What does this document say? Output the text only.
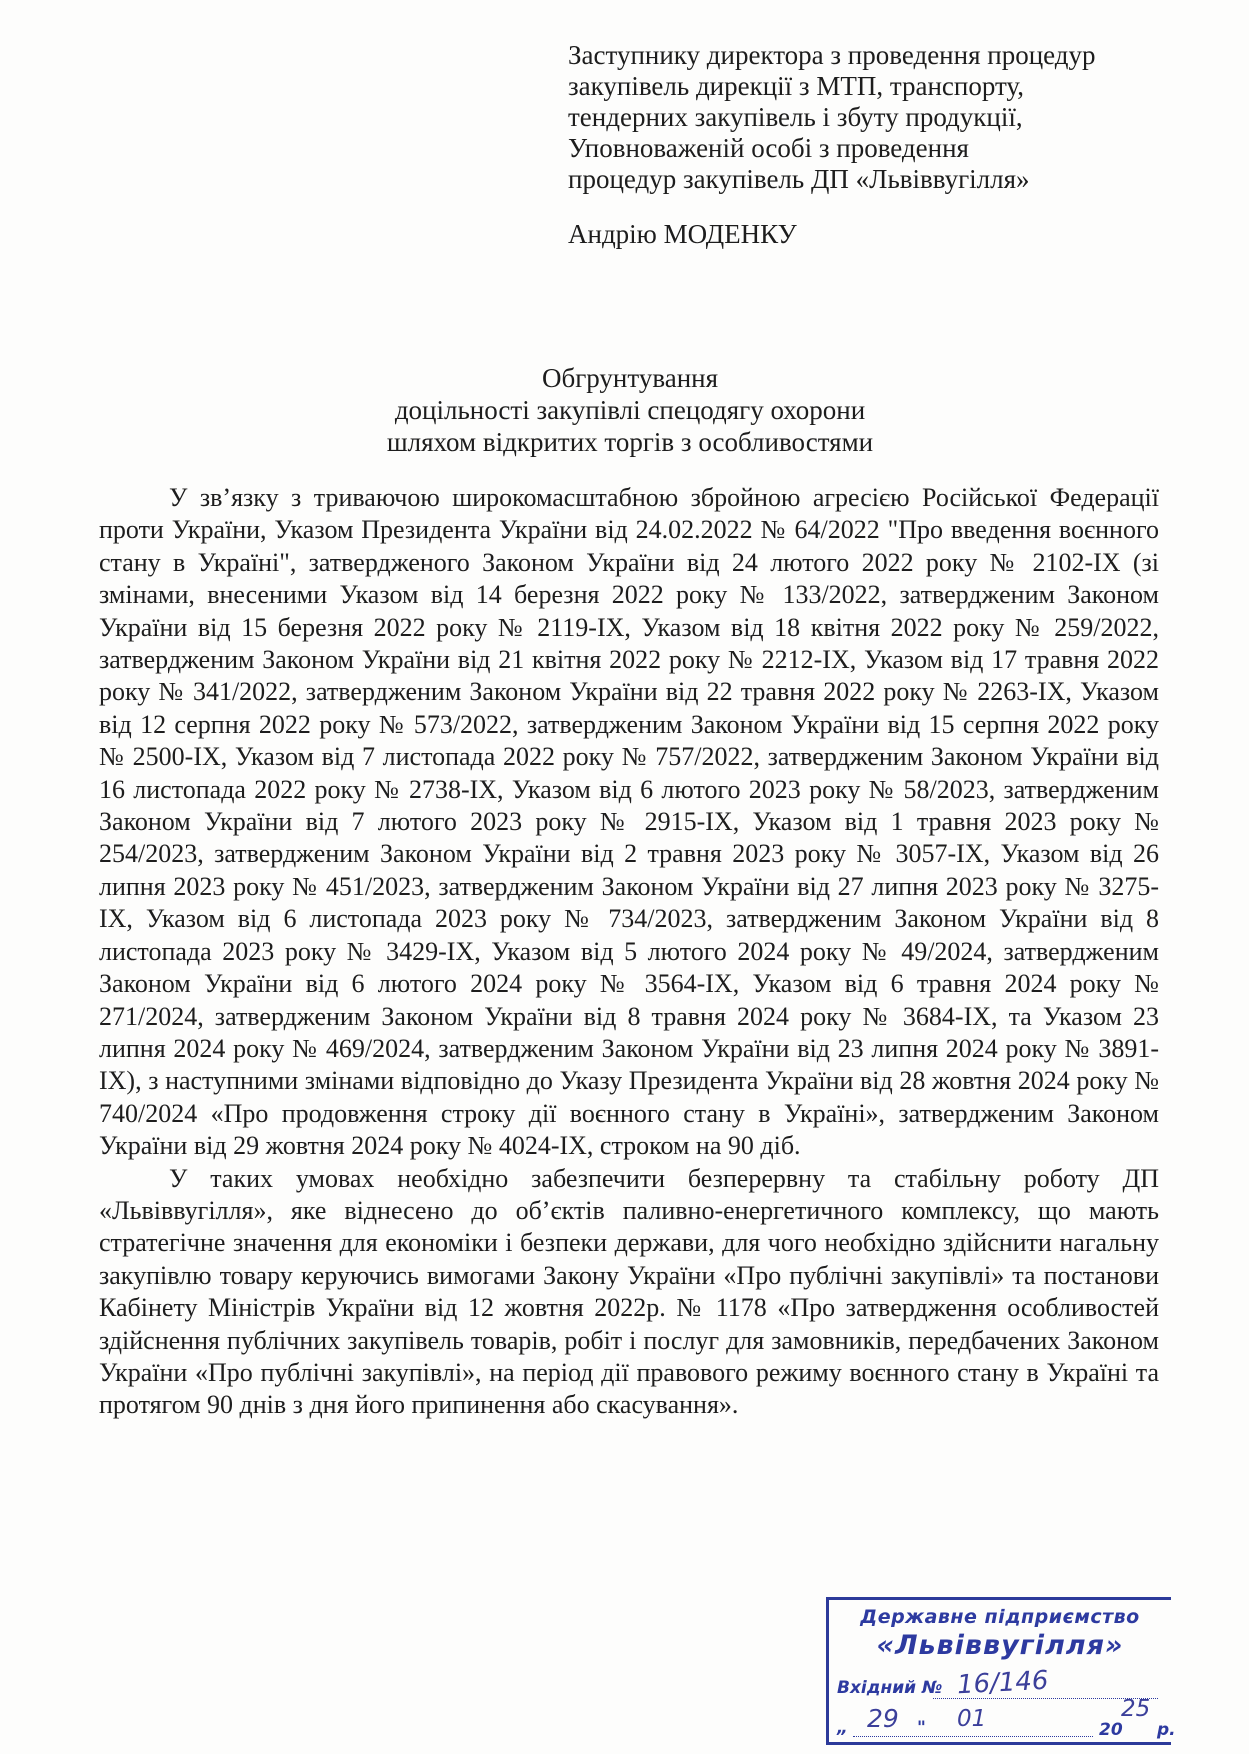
Заступнику директора з проведення процедур
закупівель дирекції з МТП, транспорту,
тендерних закупівель і збуту продукції,
Уповноваженій особі з проведення
процедур закупівель ДП «Львіввугілля»
Андрію МОДЕНКУ
Обгрунтування
доцільності закупівлі спецодягу охорони
шляхом відкритих торгів з особливостями

У зв’язку з триваючою широкомасштабною збройною агресією Російської Федерації проти України, Указом Президента України від 24.02.2022 № 64/2022 "Про введення воєнного стану в Україні", затвердженого Законом України від 24 лютого 2022 року № 2102-IX (зі змінами, внесеними Указом від 14 березня 2022 року № 133/2022, затвердженим Законом України від 15 березня 2022 року № 2119-IX, Указом від 18 квітня 2022 року № 259/2022, затвердженим Законом України від 21 квітня 2022 року № 2212-IX, Указом від 17 травня 2022 року № 341/2022, затвердженим Законом України від 22 травня 2022 року № 2263-IX, Указом від 12 серпня 2022 року № 573/2022, затвердженим Законом України від 15 серпня 2022 року № 2500-IX, Указом від 7 листопада 2022 року № 757/2022, затвердженим Законом України від 16 листопада 2022 року № 2738-IX, Указом від 6 лютого 2023 року № 58/2023, затвердженим Законом України від 7 лютого 2023 року № 2915-IX, Указом від 1 травня 2023 року № 254/2023, затвердженим Законом України від 2 травня 2023 року № 3057-IX, Указом від 26 липня 2023 року № 451/2023, затвердженим Законом України від 27 липня 2023 року № 3275-IX, Указом від 6 листопада 2023 року № 734/2023, затвердженим Законом України від 8 листопада 2023 року № 3429-IX, Указом від 5 лютого 2024 року № 49/2024, затвердженим Законом України від 6 лютого 2024 року № 3564-IX, Указом від 6 травня 2024 року № 271/2024, затвердженим Законом України від 8 травня 2024 року № 3684-IX, та Указом 23 липня 2024 року № 469/2024, затвердженим Законом України від 23 липня 2024 року № 3891-IX), з наступними змінами відповідно до Указу Президента України від 28 жовтня 2024 року № 740/2024 «Про продовження строку дії воєнного стану в Україні», затвердженим Законом України від 29 жовтня 2024 року № 4024-IX, строком на 90 діб.

У таких умовах необхідно забезпечити безперервну та стабільну роботу ДП «Львіввугілля», яке віднесено до об’єктів паливно-енергетичного комплексу, що мають стратегічне значення для економіки і безпеки держави, для чого необхідно здійснити нагальну закупівлю товару керуючись вимогами Закону України «Про публічні закупівлі» та постанови Кабінету Міністрів України від 12 жовтня 2022р. № 1178 «Про затвердження особливостей здійснення публічних закупівель товарів, робіт і послуг для замовників, передбачених Законом України «Про публічні закупівлі», на період дії правового режиму воєнного стану в Україні та протягом 90 днів з дня його припинення або скасування».

Державне підприємство
«Львіввугілля»
Вхідний № 16/146
„ 29 " 01	20
25
р.
